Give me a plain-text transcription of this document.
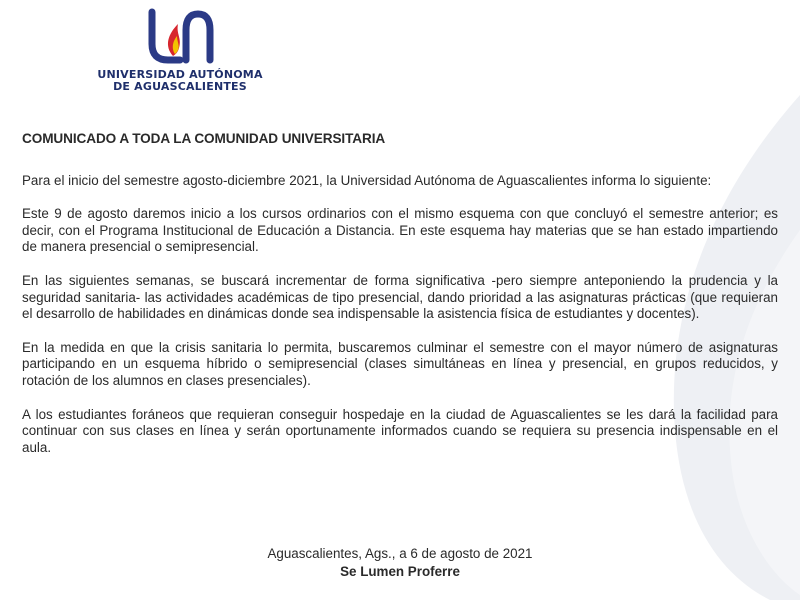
UNIVERSIDAD AUTÓNOMA
DE AGUASCALIENTES
COMUNICADO A TODA LA COMUNIDAD UNIVERSITARIA

Para el inicio del semestre agosto-diciembre 2021, la Universidad Autónoma de Aguascalientes informa lo siguiente:

Este 9 de agosto daremos inicio a los cursos ordinarios con el mismo esquema con que concluyó el semestre anterior; es decir, con el Programa Institucional de Educación a Distancia. En este esquema hay materias que se han estado impartiendo de manera presencial o semipresencial.

En las siguientes semanas, se buscará incrementar de forma significativa -pero siempre anteponiendo la prudencia y la seguridad sanitaria- las actividades académicas de tipo presencial, dando prioridad a las asignaturas prácticas (que requieran el desarrollo de habilidades en dinámicas donde sea indispensable la asistencia física de estudiantes y docentes).

En la medida en que la crisis sanitaria lo permita, buscaremos culminar el semestre con el mayor número de asignaturas participando en un esquema híbrido o semipresencial (clases simultáneas en línea y presencial, en grupos reducidos, y rotación de los alumnos en clases presenciales).

A los estudiantes foráneos que requieran conseguir hospedaje en la ciudad de Aguascalientes se les dará la facilidad para continuar con sus clases en línea y serán oportunamente informados cuando se requiera su presencia indispensable en el aula.

Aguascalientes, Ags., a 6 de agosto de 2021
Se Lumen Proferre
